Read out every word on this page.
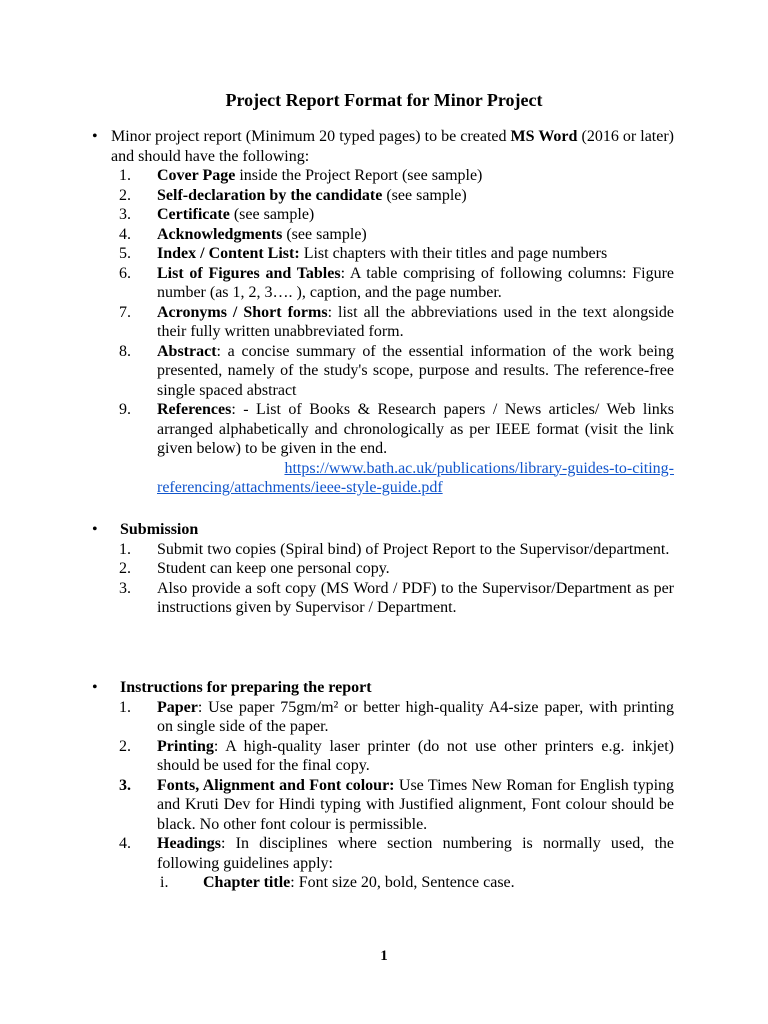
Project Report Format for Minor Project
• Minor project report (Minimum 20 typed pages) to be created MS Word (2016 or later) and should have the following:
1. Cover Page inside the Project Report (see sample)
2. Self-declaration by the candidate (see sample)
3. Certificate (see sample)
4. Acknowledgments (see sample)
5. Index / Content List: List chapters with their titles and page numbers
6. List of Figures and Tables: A table comprising of following columns: Figure number (as 1, 2, 3…. ), caption, and the page number.
7. Acronyms / Short forms: list all the abbreviations used in the text alongside their fully written unabbreviated form.
8. Abstract: a concise summary of the essential information of the work being presented, namely of the study's scope, purpose and results. The reference-free single spaced abstract
9. References: - List of Books & Research papers / News articles/ Web links arranged alphabetically and chronologically as per IEEE format (visit the link given below) to be given in the end.
https://www.bath.ac.uk/publications/library-guides-to-citing-
referencing/attachments/ieee-style-guide.pdf
•	Submission
1. Submit two copies (Spiral bind) of Project Report to the Supervisor/department.
2. Student can keep one personal copy.
3. Also provide a soft copy (MS Word / PDF) to the Supervisor/Department as per instructions given by Supervisor / Department.
•	Instructions for preparing the report
1. Paper: Use paper 75gm/m² or better high-quality A4-size paper, with printing on single side of the paper.
2. Printing: A high-quality laser printer (do not use other printers e.g. inkjet) should be used for the final copy.
3. Fonts, Alignment and Font colour: Use Times New Roman for English typing and Kruti Dev for Hindi typing with Justified alignment, Font colour should be black. No other font colour is permissible.
4. Headings: In disciplines where section numbering is normally used, the following guidelines apply:
i. Chapter title: Font size 20, bold, Sentence case.
1
